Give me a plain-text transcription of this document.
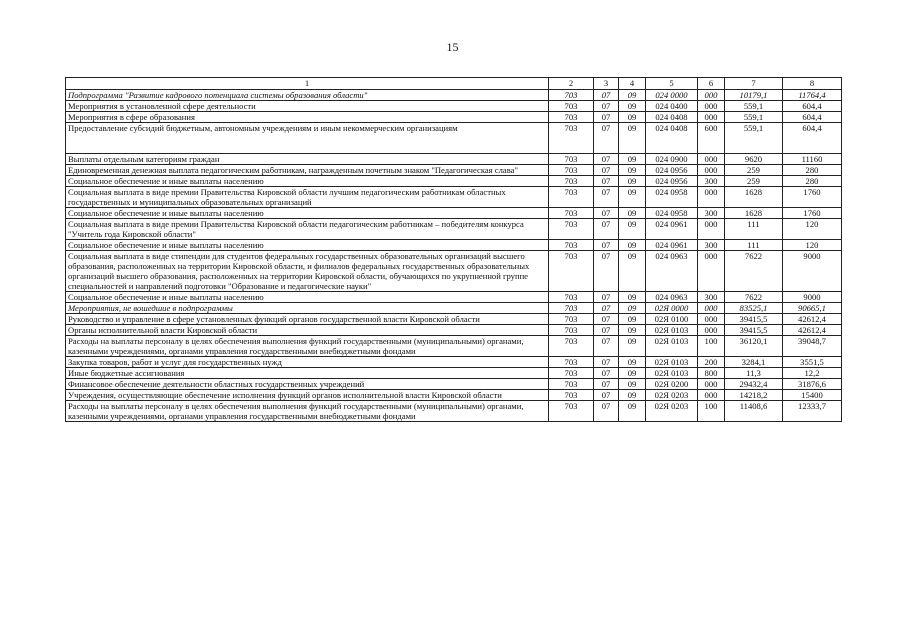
15
1	2	3	4	5	6	7	8
Подпрограмма "Развитие кадрового потенциала системы образования области"	703	07	09	024 0000	000	10179,1	11764,4
Мероприятия в установленной сфере деятельности	703	07	09	024 0400	000	559,1	604,4
Мероприятия в сфере образования	703	07	09	024 0408	000	559,1	604,4
Предоставление субсидий бюджетным, автономным учреждениям и иным некоммерческим организациям	703	07	09	024 0408	600	559,1	604,4
Выплаты отдельным категориям граждан	703	07	09	024 0900	000	9620	11160
Единовременная денежная выплата педагогическим работникам, награжденным почетным знаком "Педагогическая слава"	703	07	09	024 0956	000	259	280
Социальное обеспечение и иные выплаты населению	703	07	09	024 0956	300	259	280
Социальная выплата в виде премии Правительства Кировской области лучшим педагогическим работникам областных государственных и муниципальных образовательных организаций	703	07	09	024 0958	000	1628	1760
Социальное обеспечение и иные выплаты населению	703	07	09	024 0958	300	1628	1760
Социальная выплата в виде премии Правительства Кировской области педагогическим работникам – победителям конкурса "Учитель года Кировской области"	703	07	09	024 0961	000	111	120
Социальное обеспечение и иные выплаты населению	703	07	09	024 0961	300	111	120
Социальная выплата в виде стипендии для студентов федеральных государственных образовательных организаций высшего образования, расположенных на территории Кировской области, и филиалов федеральных государственных образовательных организаций высшего образования, расположенных на территории Кировской области, обучающихся по укрупненной группе специальностей и направлений подготовки "Образование и педагогические науки"	703	07	09	024 0963	000	7622	9000
Социальное обеспечение и иные выплаты населению	703	07	09	024 0963	300	7622	9000
Мероприятия, не вошедшие в подпрограммы	703	07	09	02Я 0000	000	83525,1	90665,1
Руководство и управление в сфере установленных функций органов государственной власти Кировской области	703	07	09	02Я 0100	000	39415,5	42612,4
Органы исполнительной власти Кировской области	703	07	09	02Я 0103	000	39415,5	42612,4
Расходы на выплаты персоналу в целях обеспечения выполнения функций государственными (муниципальными) органами, казенными учреждениями, органами управления государственными внебюджетными фондами	703	07	09	02Я 0103	100	36120,1	39048,7
Закупка товаров, работ и услуг для государственных нужд	703	07	09	02Я 0103	200	3284,1	3551,5
Иные бюджетные ассигнования	703	07	09	02Я 0103	800	11,3	12,2
Финансовое обеспечение деятельности областных государственных учреждений	703	07	09	02Я 0200	000	29432,4	31876,6
Учреждения, осуществляющие обеспечение исполнения функций органов исполнительной власти Кировской области	703	07	09	02Я 0203	000	14218,2	15400
Расходы на выплаты персоналу в целях обеспечения выполнения функций государственными (муниципальными) органами, казенными учреждениями, органами управления государственными внебюджетными фондами	703	07	09	02Я 0203	100	11408,6	12333,7
